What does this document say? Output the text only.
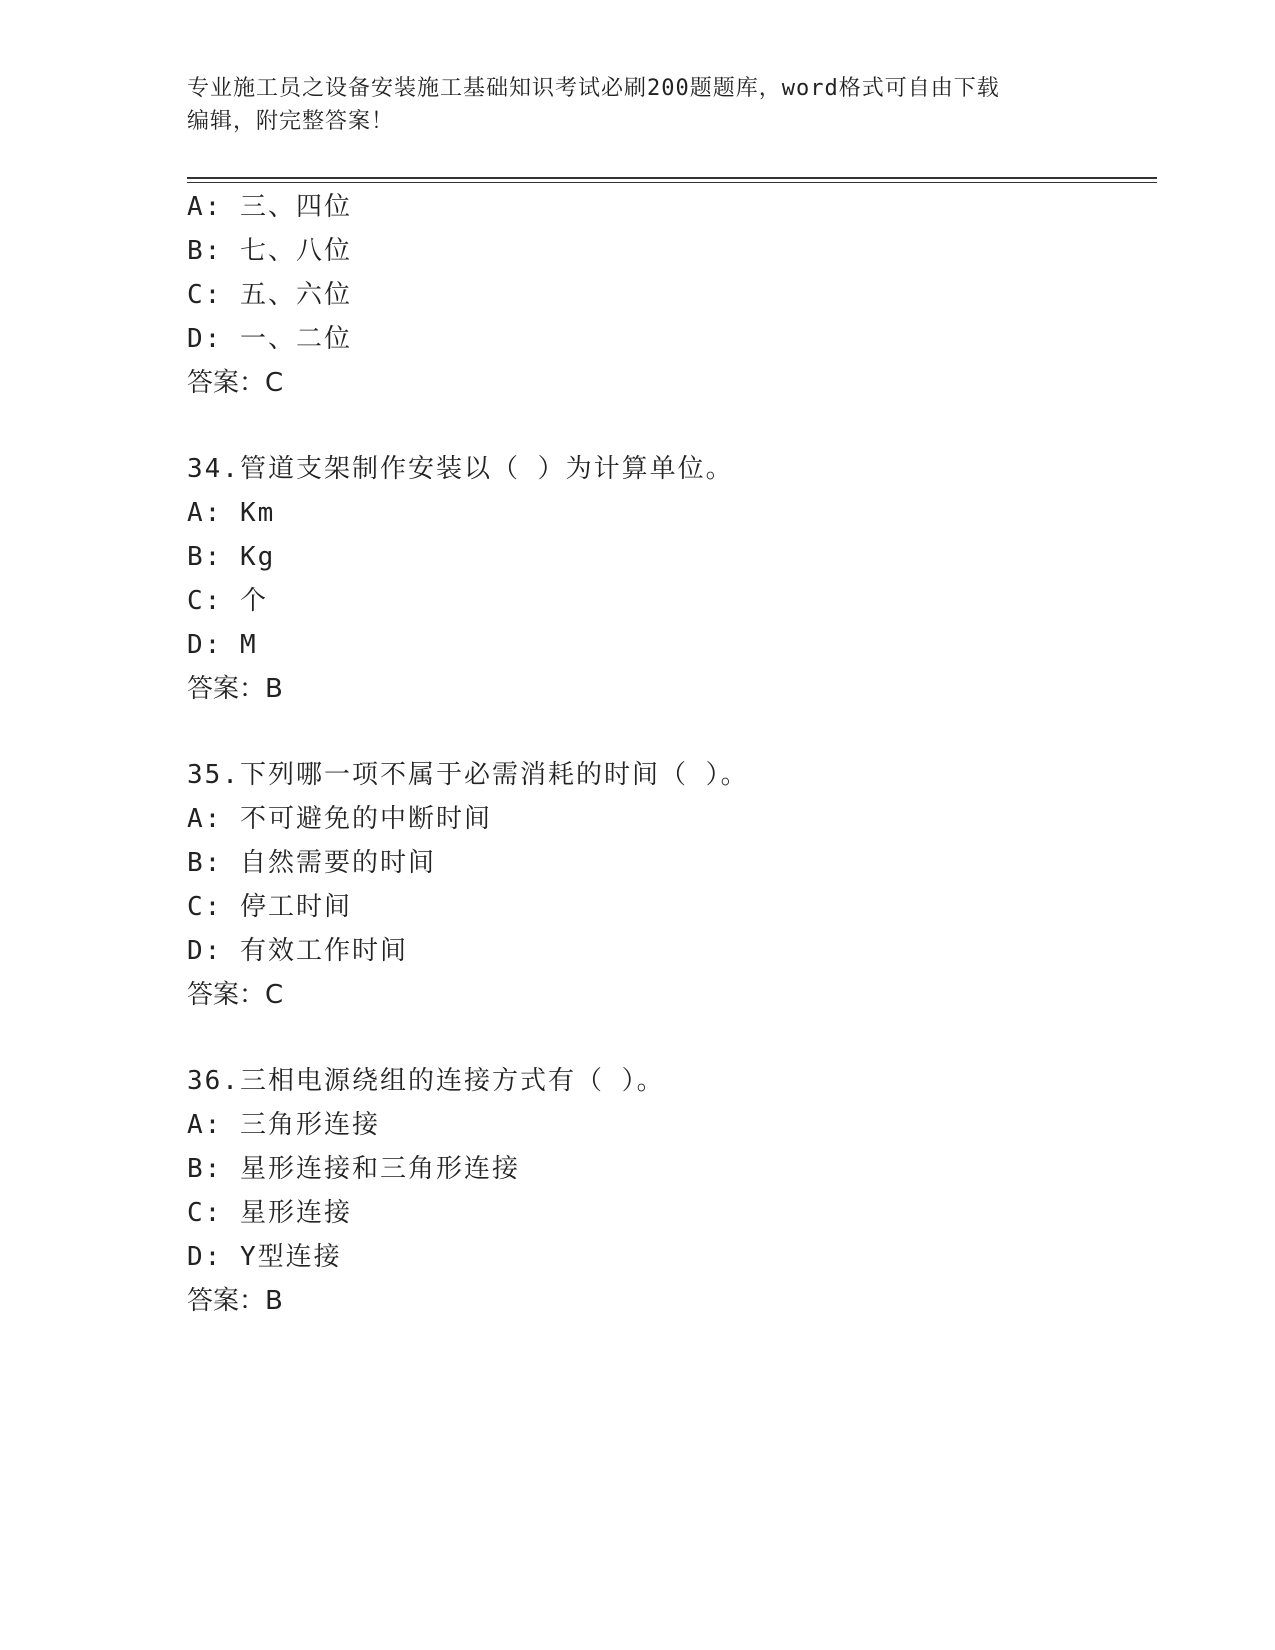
专业施工员之设备安装施工基础知识考试必刷200题题库，word格式可自由下载
编辑，附完整答案！
A: 三、四位
B: 七、八位
C: 五、六位
D: 一、二位
答案：C
34.管道支架制作安装以（ ）为计算单位。
A: Km
B: Kg
C: 个
D: M
答案：B
35.下列哪一项不属于必需消耗的时间（ ）。
A: 不可避免的中断时间
B: 自然需要的时间
C: 停工时间
D: 有效工作时间
答案：C
36.三相电源绕组的连接方式有（ ）。
A: 三角形连接
B: 星形连接和三角形连接
C: 星形连接
D: Y型连接
答案：B
